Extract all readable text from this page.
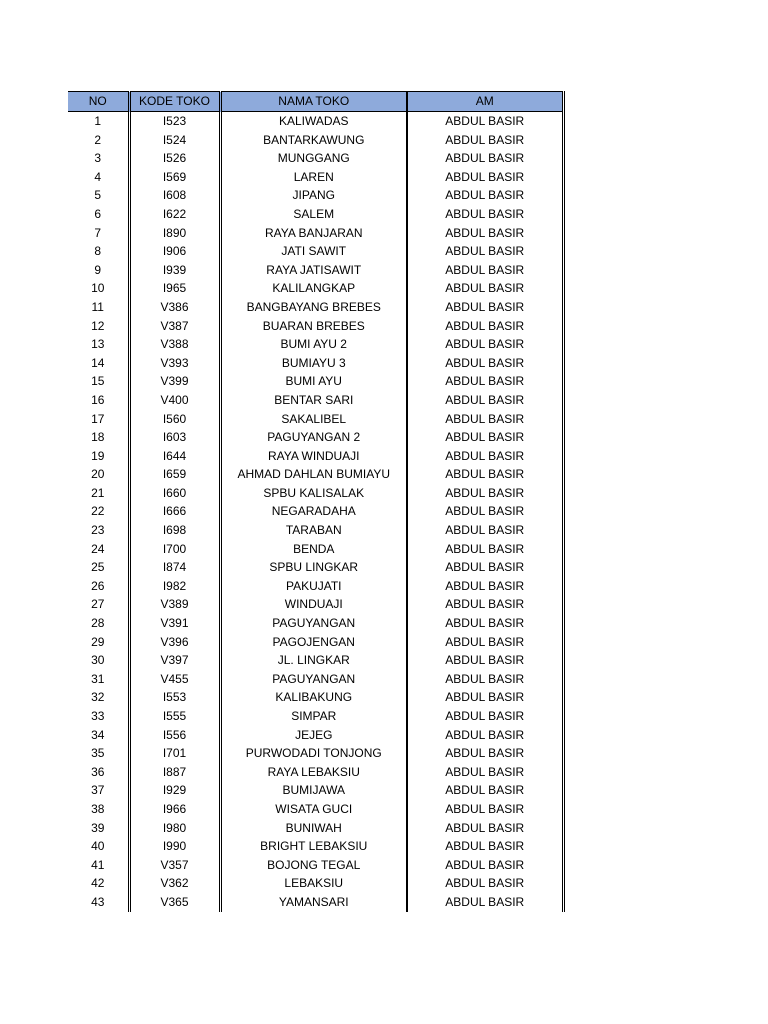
NO	KODE TOKO	NAMA TOKO	AM
1	I523	KALIWADAS	ABDUL BASIR
2	I524	BANTARKAWUNG	ABDUL BASIR
3	I526	MUNGGANG	ABDUL BASIR
4	I569	LAREN	ABDUL BASIR
5	I608	JIPANG	ABDUL BASIR
6	I622	SALEM	ABDUL BASIR
7	I890	RAYA BANJARAN	ABDUL BASIR
8	I906	JATI SAWIT	ABDUL BASIR
9	I939	RAYA JATISAWIT	ABDUL BASIR
10	I965	KALILANGKAP	ABDUL BASIR
11	V386	BANGBAYANG BREBES	ABDUL BASIR
12	V387	BUARAN BREBES	ABDUL BASIR
13	V388	BUMI AYU 2	ABDUL BASIR
14	V393	BUMIAYU 3	ABDUL BASIR
15	V399	BUMI AYU	ABDUL BASIR
16	V400	BENTAR SARI	ABDUL BASIR
17	I560	SAKALIBEL	ABDUL BASIR
18	I603	PAGUYANGAN 2	ABDUL BASIR
19	I644	RAYA WINDUAJI	ABDUL BASIR
20	I659	AHMAD DAHLAN BUMIAYU	ABDUL BASIR
21	I660	SPBU KALISALAK	ABDUL BASIR
22	I666	NEGARADAHA	ABDUL BASIR
23	I698	TARABAN	ABDUL BASIR
24	I700	BENDA	ABDUL BASIR
25	I874	SPBU LINGKAR	ABDUL BASIR
26	I982	PAKUJATI	ABDUL BASIR
27	V389	WINDUAJI	ABDUL BASIR
28	V391	PAGUYANGAN	ABDUL BASIR
29	V396	PAGOJENGAN	ABDUL BASIR
30	V397	JL. LINGKAR	ABDUL BASIR
31	V455	PAGUYANGAN	ABDUL BASIR
32	I553	KALIBAKUNG	ABDUL BASIR
33	I555	SIMPAR	ABDUL BASIR
34	I556	JEJEG	ABDUL BASIR
35	I701	PURWODADI TONJONG	ABDUL BASIR
36	I887	RAYA LEBAKSIU	ABDUL BASIR
37	I929	BUMIJAWA	ABDUL BASIR
38	I966	WISATA GUCI	ABDUL BASIR
39	I980	BUNIWAH	ABDUL BASIR
40	I990	BRIGHT LEBAKSIU	ABDUL BASIR
41	V357	BOJONG TEGAL	ABDUL BASIR
42	V362	LEBAKSIU	ABDUL BASIR
43	V365	YAMANSARI	ABDUL BASIR
